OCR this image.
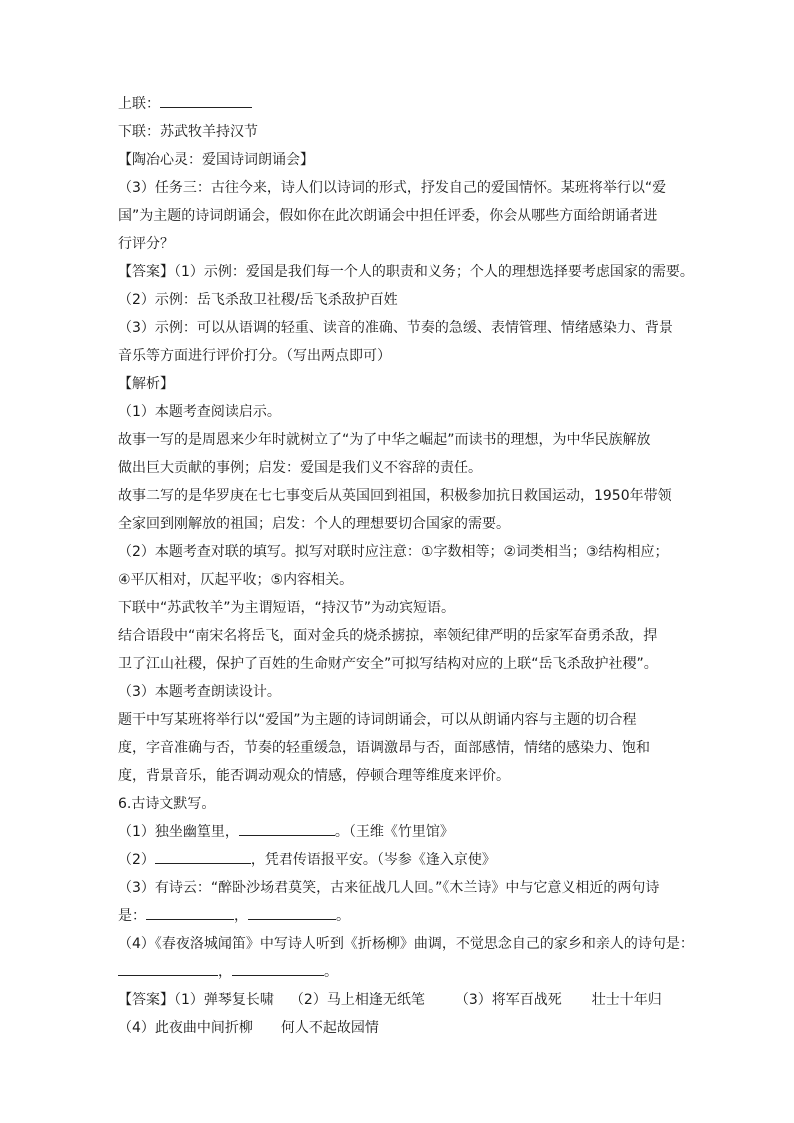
上联：
下联：苏武牧羊持汉节
【陶冶心灵：爱国诗词朗诵会】
（3）任务三：古往今来，诗人们以诗词的形式，抒发自己的爱国情怀。某班将举行以“爱
国”为主题的诗词朗诵会，假如你在此次朗诵会中担任评委，你会从哪些方面给朗诵者进
行评分？
【答案】（1）示例：爱国是我们每一个人的职责和义务；个人的理想选择要考虑国家的需要。
（2）示例：岳飞杀敌卫社稷/岳飞杀敌护百姓
（3）示例：可以从语调的轻重、读音的准确、节奏的急缓、表情管理、情绪感染力、背景
音乐等方面进行评价打分。（写出两点即可）
【解析】
（1）本题考查阅读启示。
故事一写的是周恩来少年时就树立了“为了中华之崛起”而读书的理想，为中华民族解放
做出巨大贡献的事例；启发：爱国是我们义不容辞的责任。
故事二写的是华罗庚在七七事变后从英国回到祖国，积极参加抗日救国运动，1950年带领
全家回到刚解放的祖国；启发：个人的理想要切合国家的需要。
（2）本题考查对联的填写。拟写对联时应注意：①字数相等；②词类相当；③结构相应；
④平仄相对，仄起平收；⑤内容相关。
下联中“苏武牧羊”为主谓短语，“持汉节”为动宾短语。
结合语段中“南宋名将岳飞，面对金兵的烧杀掳掠，率领纪律严明的岳家军奋勇杀敌，捍
卫了江山社稷，保护了百姓的生命财产安全”可拟写结构对应的上联“岳飞杀敌护社稷”。
（3）本题考查朗读设计。
题干中写某班将举行以“爱国”为主题的诗词朗诵会，可以从朗诵内容与主题的切合程
度，字音准确与否，节奏的轻重缓急，语调激昂与否，面部感情，情绪的感染力、饱和
度，背景音乐，能否调动观众的情感，停顿合理等维度来评价。
6.古诗文默写。
（1）独坐幽篁里，	。（王维《竹里馆》
（2）	，凭君传语报平安。（岑参《逢入京使》
（3）有诗云：“醉卧沙场君莫笑，古来征战几人回。”《木兰诗》中与它意义相近的两句诗
是：	，	。
（4）《春夜洛城闻笛》中写诗人听到《折杨柳》曲调，不觉思念自己的家乡和亲人的诗句是：
，	。
【答案】（1）弹琴复长啸 （2）马上相逢无纸笔 （3）将军百战死 壮士十年归
（4）此夜曲中间折柳 何人不起故园情
